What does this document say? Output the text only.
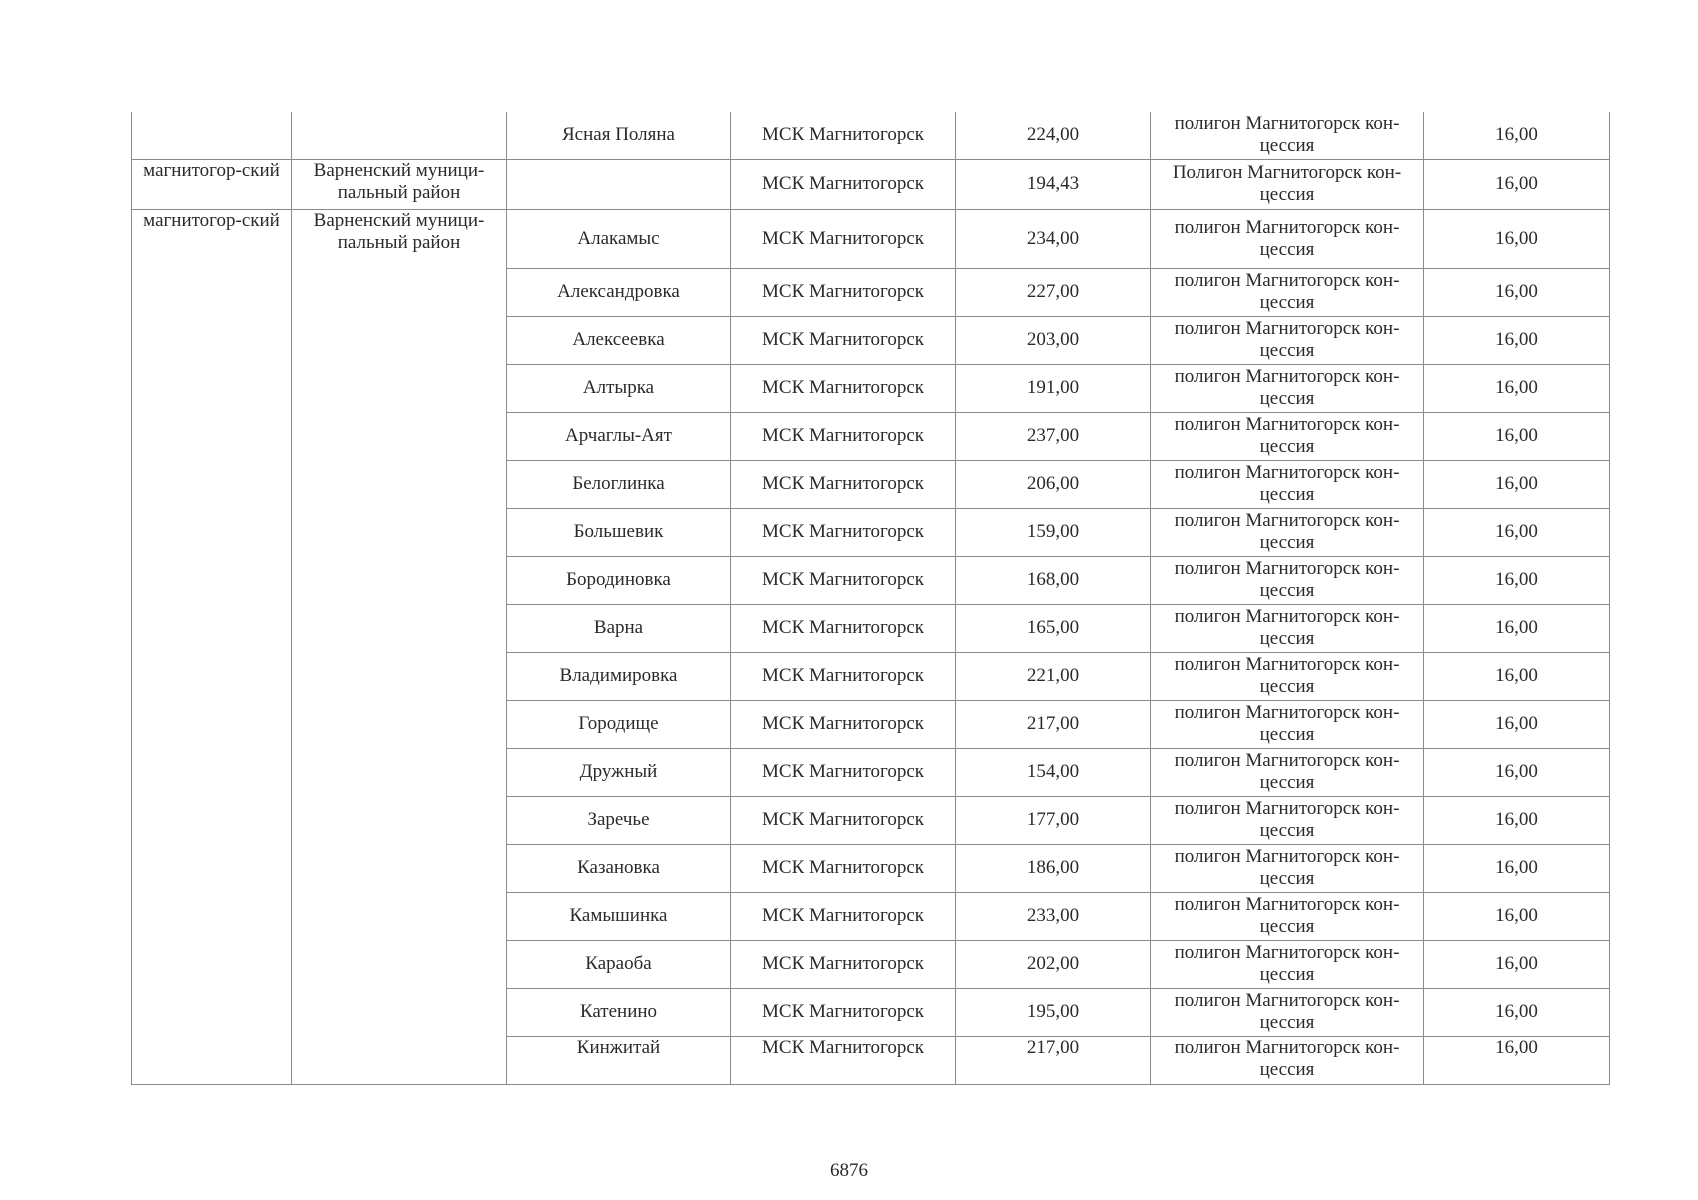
		Ясная Поляна	МСК Магнитогорск	224,00	полигон Магнитогорск кон-цессия	16,00
магнитогор-ский	Варненский муници-пальный район		МСК Магнитогорск	194,43	Полигон Магнитогорск кон-цессия	16,00
магнитогор-ский	Варненский муници-пальный район	Алакамыс	МСК Магнитогорск	234,00	полигон Магнитогорск кон-цессия	16,00
		Александровка	МСК Магнитогорск	227,00	полигон Магнитогорск кон-цессия	16,00
		Алексеевка	МСК Магнитогорск	203,00	полигон Магнитогорск кон-цессия	16,00
		Алтырка	МСК Магнитогорск	191,00	полигон Магнитогорск кон-цессия	16,00
		Арчаглы-Аят	МСК Магнитогорск	237,00	полигон Магнитогорск кон-цессия	16,00
		Белоглинка	МСК Магнитогорск	206,00	полигон Магнитогорск кон-цессия	16,00
		Большевик	МСК Магнитогорск	159,00	полигон Магнитогорск кон-цессия	16,00
		Бородиновка	МСК Магнитогорск	168,00	полигон Магнитогорск кон-цессия	16,00
		Варна	МСК Магнитогорск	165,00	полигон Магнитогорск кон-цессия	16,00
		Владимировка	МСК Магнитогорск	221,00	полигон Магнитогорск кон-цессия	16,00
		Городище	МСК Магнитогорск	217,00	полигон Магнитогорск кон-цессия	16,00
		Дружный	МСК Магнитогорск	154,00	полигон Магнитогорск кон-цессия	16,00
		Заречье	МСК Магнитогорск	177,00	полигон Магнитогорск кон-цессия	16,00
		Казановка	МСК Магнитогорск	186,00	полигон Магнитогорск кон-цессия	16,00
		Камышинка	МСК Магнитогорск	233,00	полигон Магнитогорск кон-цессия	16,00
		Караоба	МСК Магнитогорск	202,00	полигон Магнитогорск кон-цессия	16,00
		Катенино	МСК Магнитогорск	195,00	полигон Магнитогорск кон-цессия	16,00
		Кинжитай	МСК Магнитогорск	217,00	полигон Магнитогорск кон-цессия	16,00
6876
